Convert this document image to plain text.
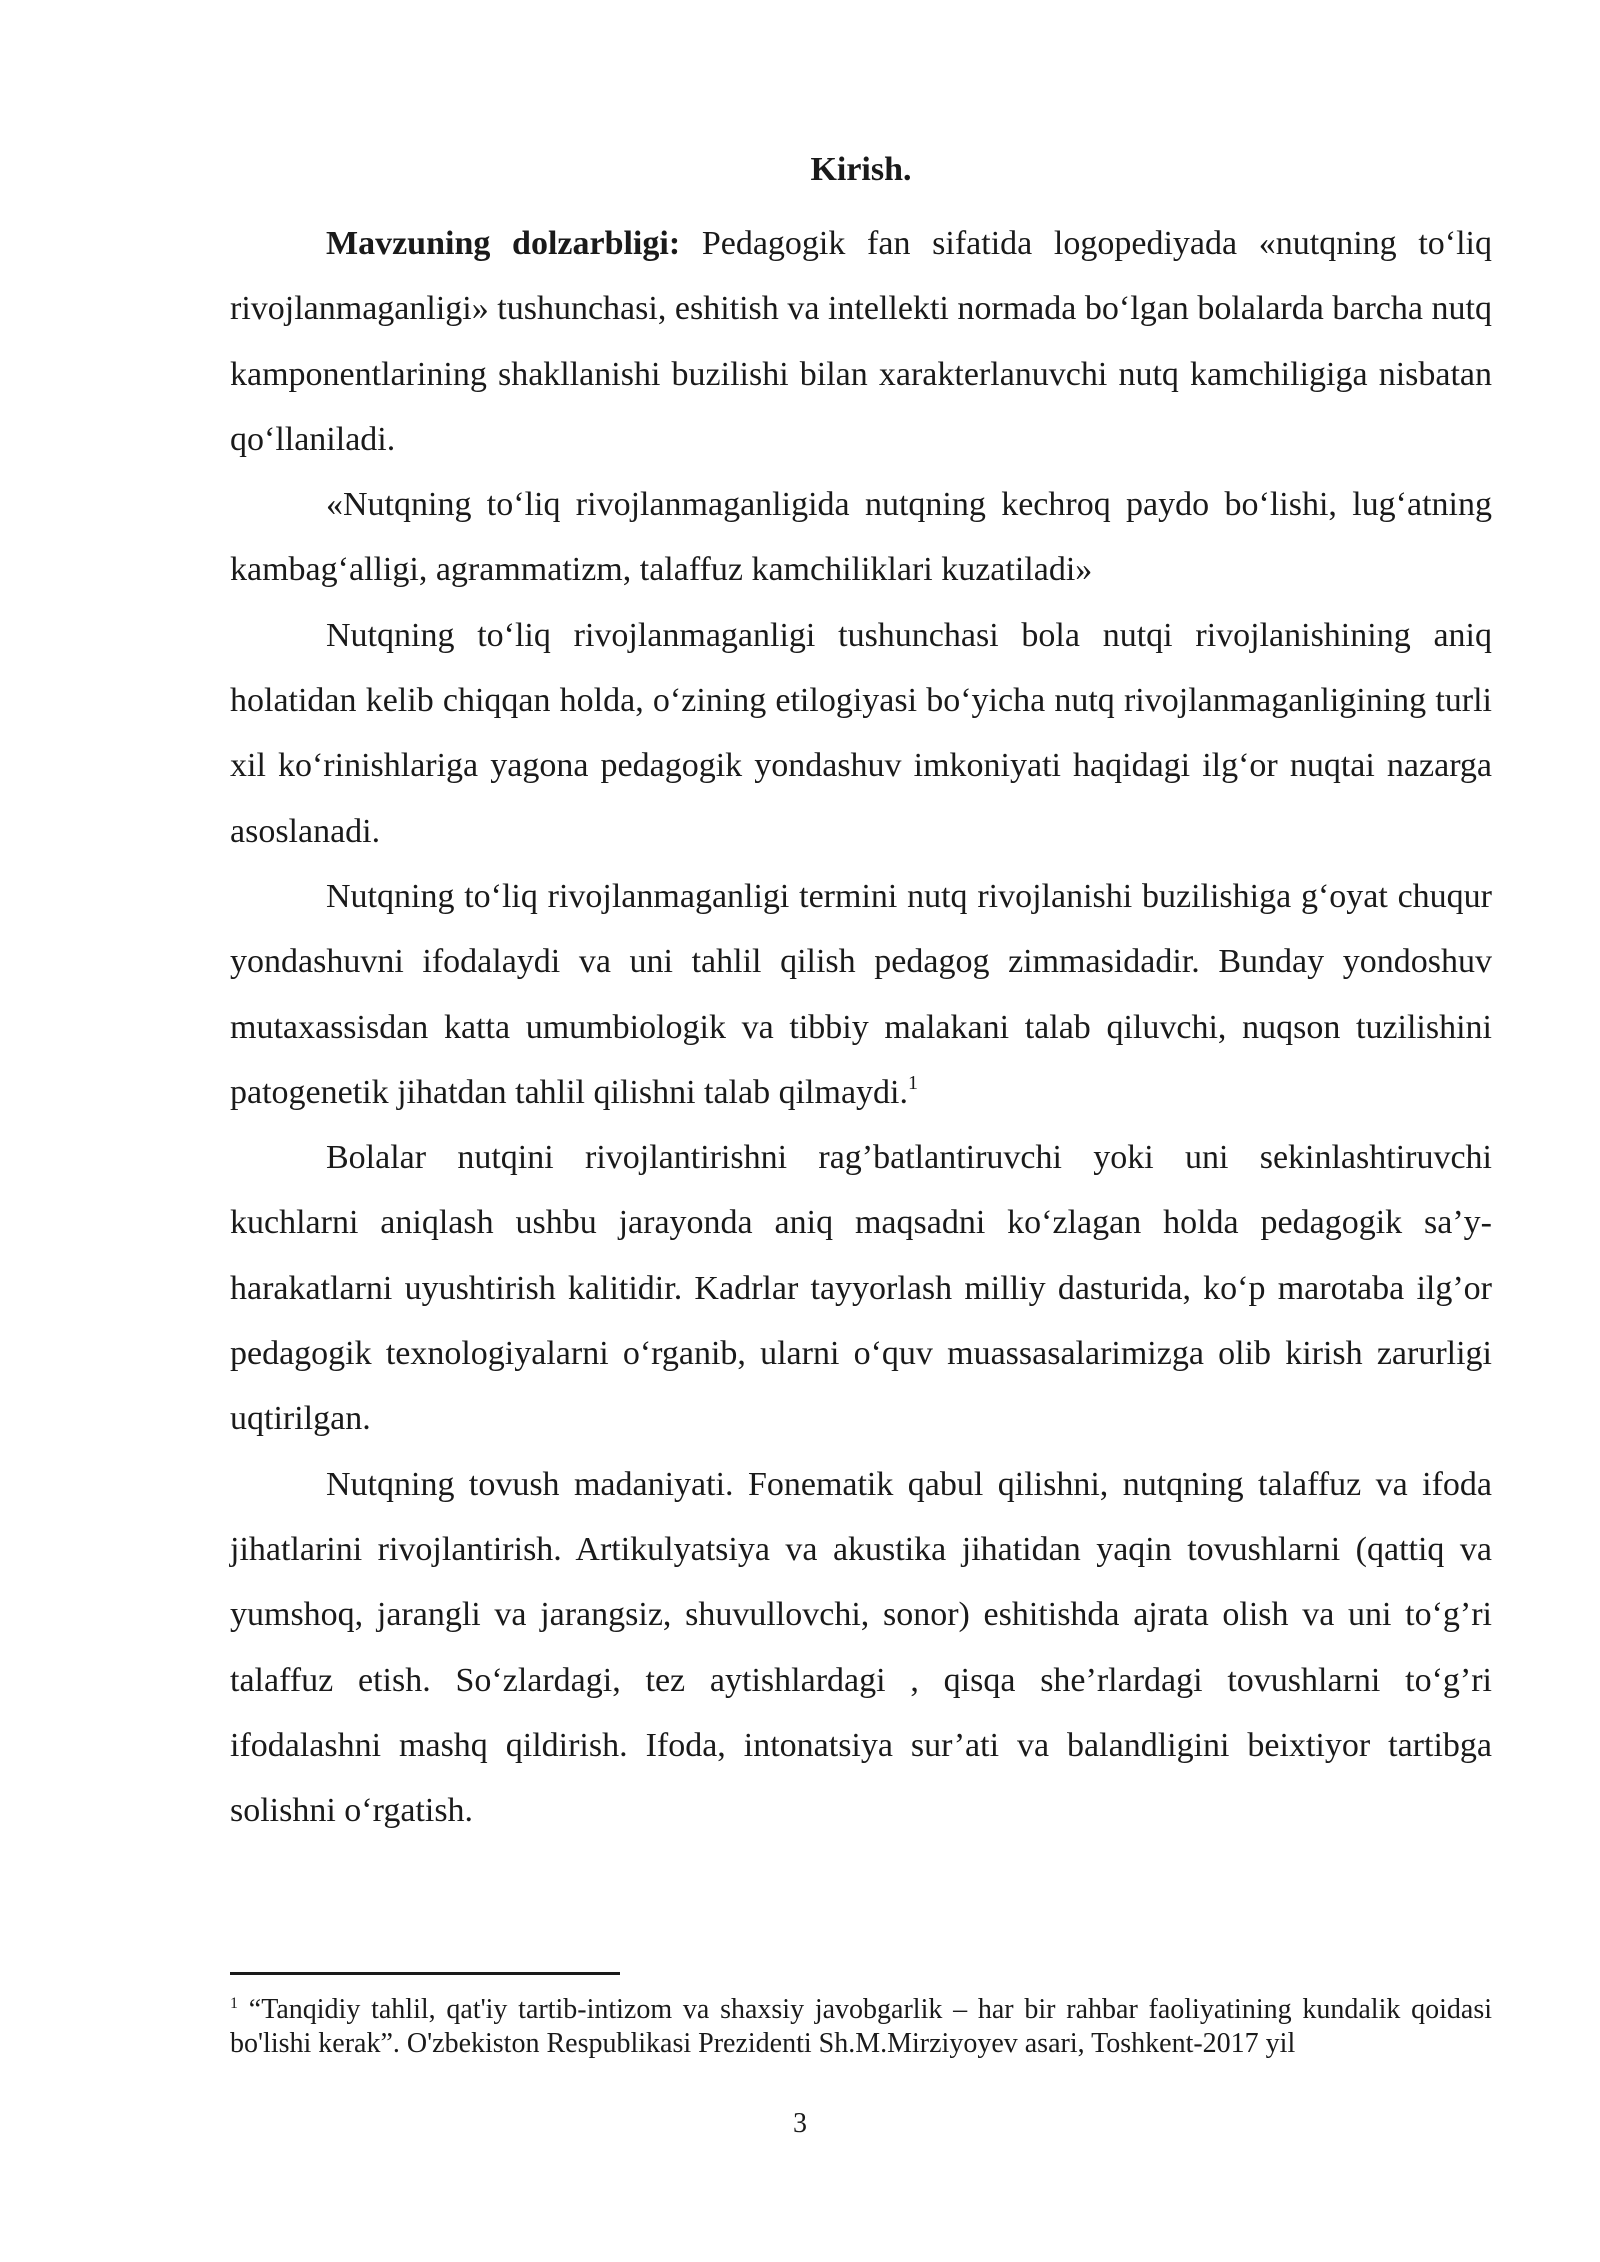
Kirish.

Mavzuning dolzarbligi: Pedagogik fan sifatida logopediyada «nutqning to‘liq rivojlanmaganligi» tushunchasi, eshitish va intellekti normada bo‘lgan bolalarda barcha nutq kamponentlarining shakllanishi buzilishi bilan xarakterlanuvchi nutq kamchiligiga nisbatan qo‘llaniladi.

«Nutqning to‘liq rivojlanmaganligida nutqning kechroq paydo bo‘lishi, lug‘atning kambag‘alligi, agrammatizm, talaffuz kamchiliklari kuzatiladi»

Nutqning to‘liq rivojlanmaganligi tushunchasi bola nutqi rivojlanishining aniq holatidan kelib chiqqan holda, o‘zining etilogiyasi bo‘yicha nutq rivojlanmaganligining turli xil ko‘rinishlariga yagona pedagogik yondashuv imkoniyati haqidagi ilg‘or nuqtai nazarga asoslanadi.

Nutqning to‘liq rivojlanmaganligi termini nutq rivojlanishi buzilishiga g‘oyat chuqur yondashuvni ifodalaydi va uni tahlil qilish pedagog zimmasidadir. Bunday yondoshuv mutaxassisdan katta umumbiologik va tibbiy malakani talab qiluvchi, nuqson tuzilishini patogenetik jihatdan tahlil qilishni talab qilmaydi.$^1$

Bolalar nutqini rivojlantirishni rag’batlantiruvchi yoki uni sekinlashtiruvchi kuchlarni aniqlash ushbu jarayonda aniq maqsadni ko‘zlagan holda pedagogik sa’y-harakatlarni uyushtirish kalitidir. Kadrlar tayyorlash milliy dasturida, ko‘p marotaba ilg’or pedagogik texnologiyalarni o‘rganib, ularni o‘quv muassasalarimizga olib kirish zarurligi uqtirilgan.

Nutqning tovush madaniyati. Fonematik qabul qilishni, nutqning talaffuz va ifoda jihatlarini rivojlantirish. Artikulyatsiya va akustika jihatidan yaqin tovushlarni (qattiq va yumshoq, jarangli va jarangsiz, shuvullovchi, sonor) eshitishda ajrata olish va uni to‘g’ri talaffuz etish. So‘zlardagi, tez aytishlardagi , qisqa she’rlardagi tovushlarni to‘g’ri ifodalashni mashq qildirish. Ifoda, intonatsiya sur’ati va balandligini beixtiyor tartibga solishni o‘rgatish.

$^1$ “Tanqidiy tahlil, qat'iy tartib-intizom va shaxsiy javobgarlik – har bir rahbar faoliyatining kundalik qoidasi bo'lishi kerak”. O'zbekiston Respublikasi Prezidenti Sh.M.Mirziyoyev asari, Toshkent-2017 yil

3
